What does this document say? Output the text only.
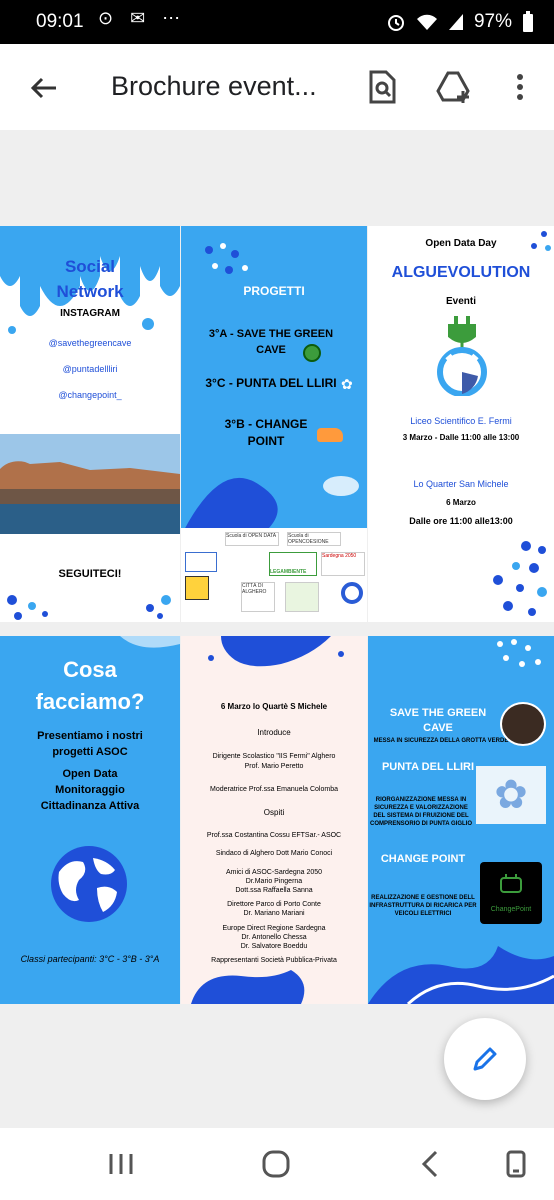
09:01 ⊙ ✉ ⋯	97%
Brochure event...
Social
Network
INSTAGRAM
@savethegreencave
@puntadellliri
@changepoint_
SEGUITECI!
PROGETTI
3°A - SAVE THE GREEN CAVE
3°C - PUNTA DEL LLIRI ✿
3°B - CHANGE POINT
Scuola di OPEN DATA	Scuola di OPENCOESIONE
LEGAMBIENTE
Sardegna 2050
CITTÀ DI ALGHERO
Open Data Day
ALGUEVOLUTION
Eventi
Liceo Scientifico E. Fermi
3 Marzo - Dalle 11:00 alle 13:00
Lo Quarter San Michele
6 Marzo
Dalle ore 11:00 alle13:00
Cosa
facciamo?
Presentiamo i nostri progetti ASOC
Open Data
Monitoraggio
Cittadinanza Attiva
Classi partecipanti: 3°C - 3°B - 3°A
6 Marzo lo Quartè S Michele
Introduce
Dirigente Scolastico "IIS Fermi" Alghero
Prof. Mario Peretto
Moderatrice Prof.ssa Emanuela Colomba
Ospiti
Prof.ssa Costantina Cossu EFTSar.- ASOC
Sindaco di Alghero Dott Mario Conoci
Amici di ASOC-Sardegna 2050
Dr.Mario Pingerna
Dott.ssa Raffaella Sanna
Direttore Parco di Porto Conte
Dr. Mariano Mariani
Europe Direct Regione Sardegna
Dr. Antonello Chessa
Dr. Salvatore Boeddu
Rappresentanti Società Pubblica-Privata
SAVE THE GREEN CAVE
MESSA IN SICUREZZA DELLA GROTTA VERDE
PUNTA DEL LLIRI
✿
RIORGANIZZAZIONE MESSA IN SICUREZZA E VALORIZZAZIONE DEL SISTEMA DI FRUIZIONE DEL COMPRENSORIO DI PUNTA GIGLIO
CHANGE POINT
ChangePoint
REALIZZAZIONE E GESTIONE DELL INFRASTRUTTURA DI RICARICA PER VEICOLI ELETTRICI
